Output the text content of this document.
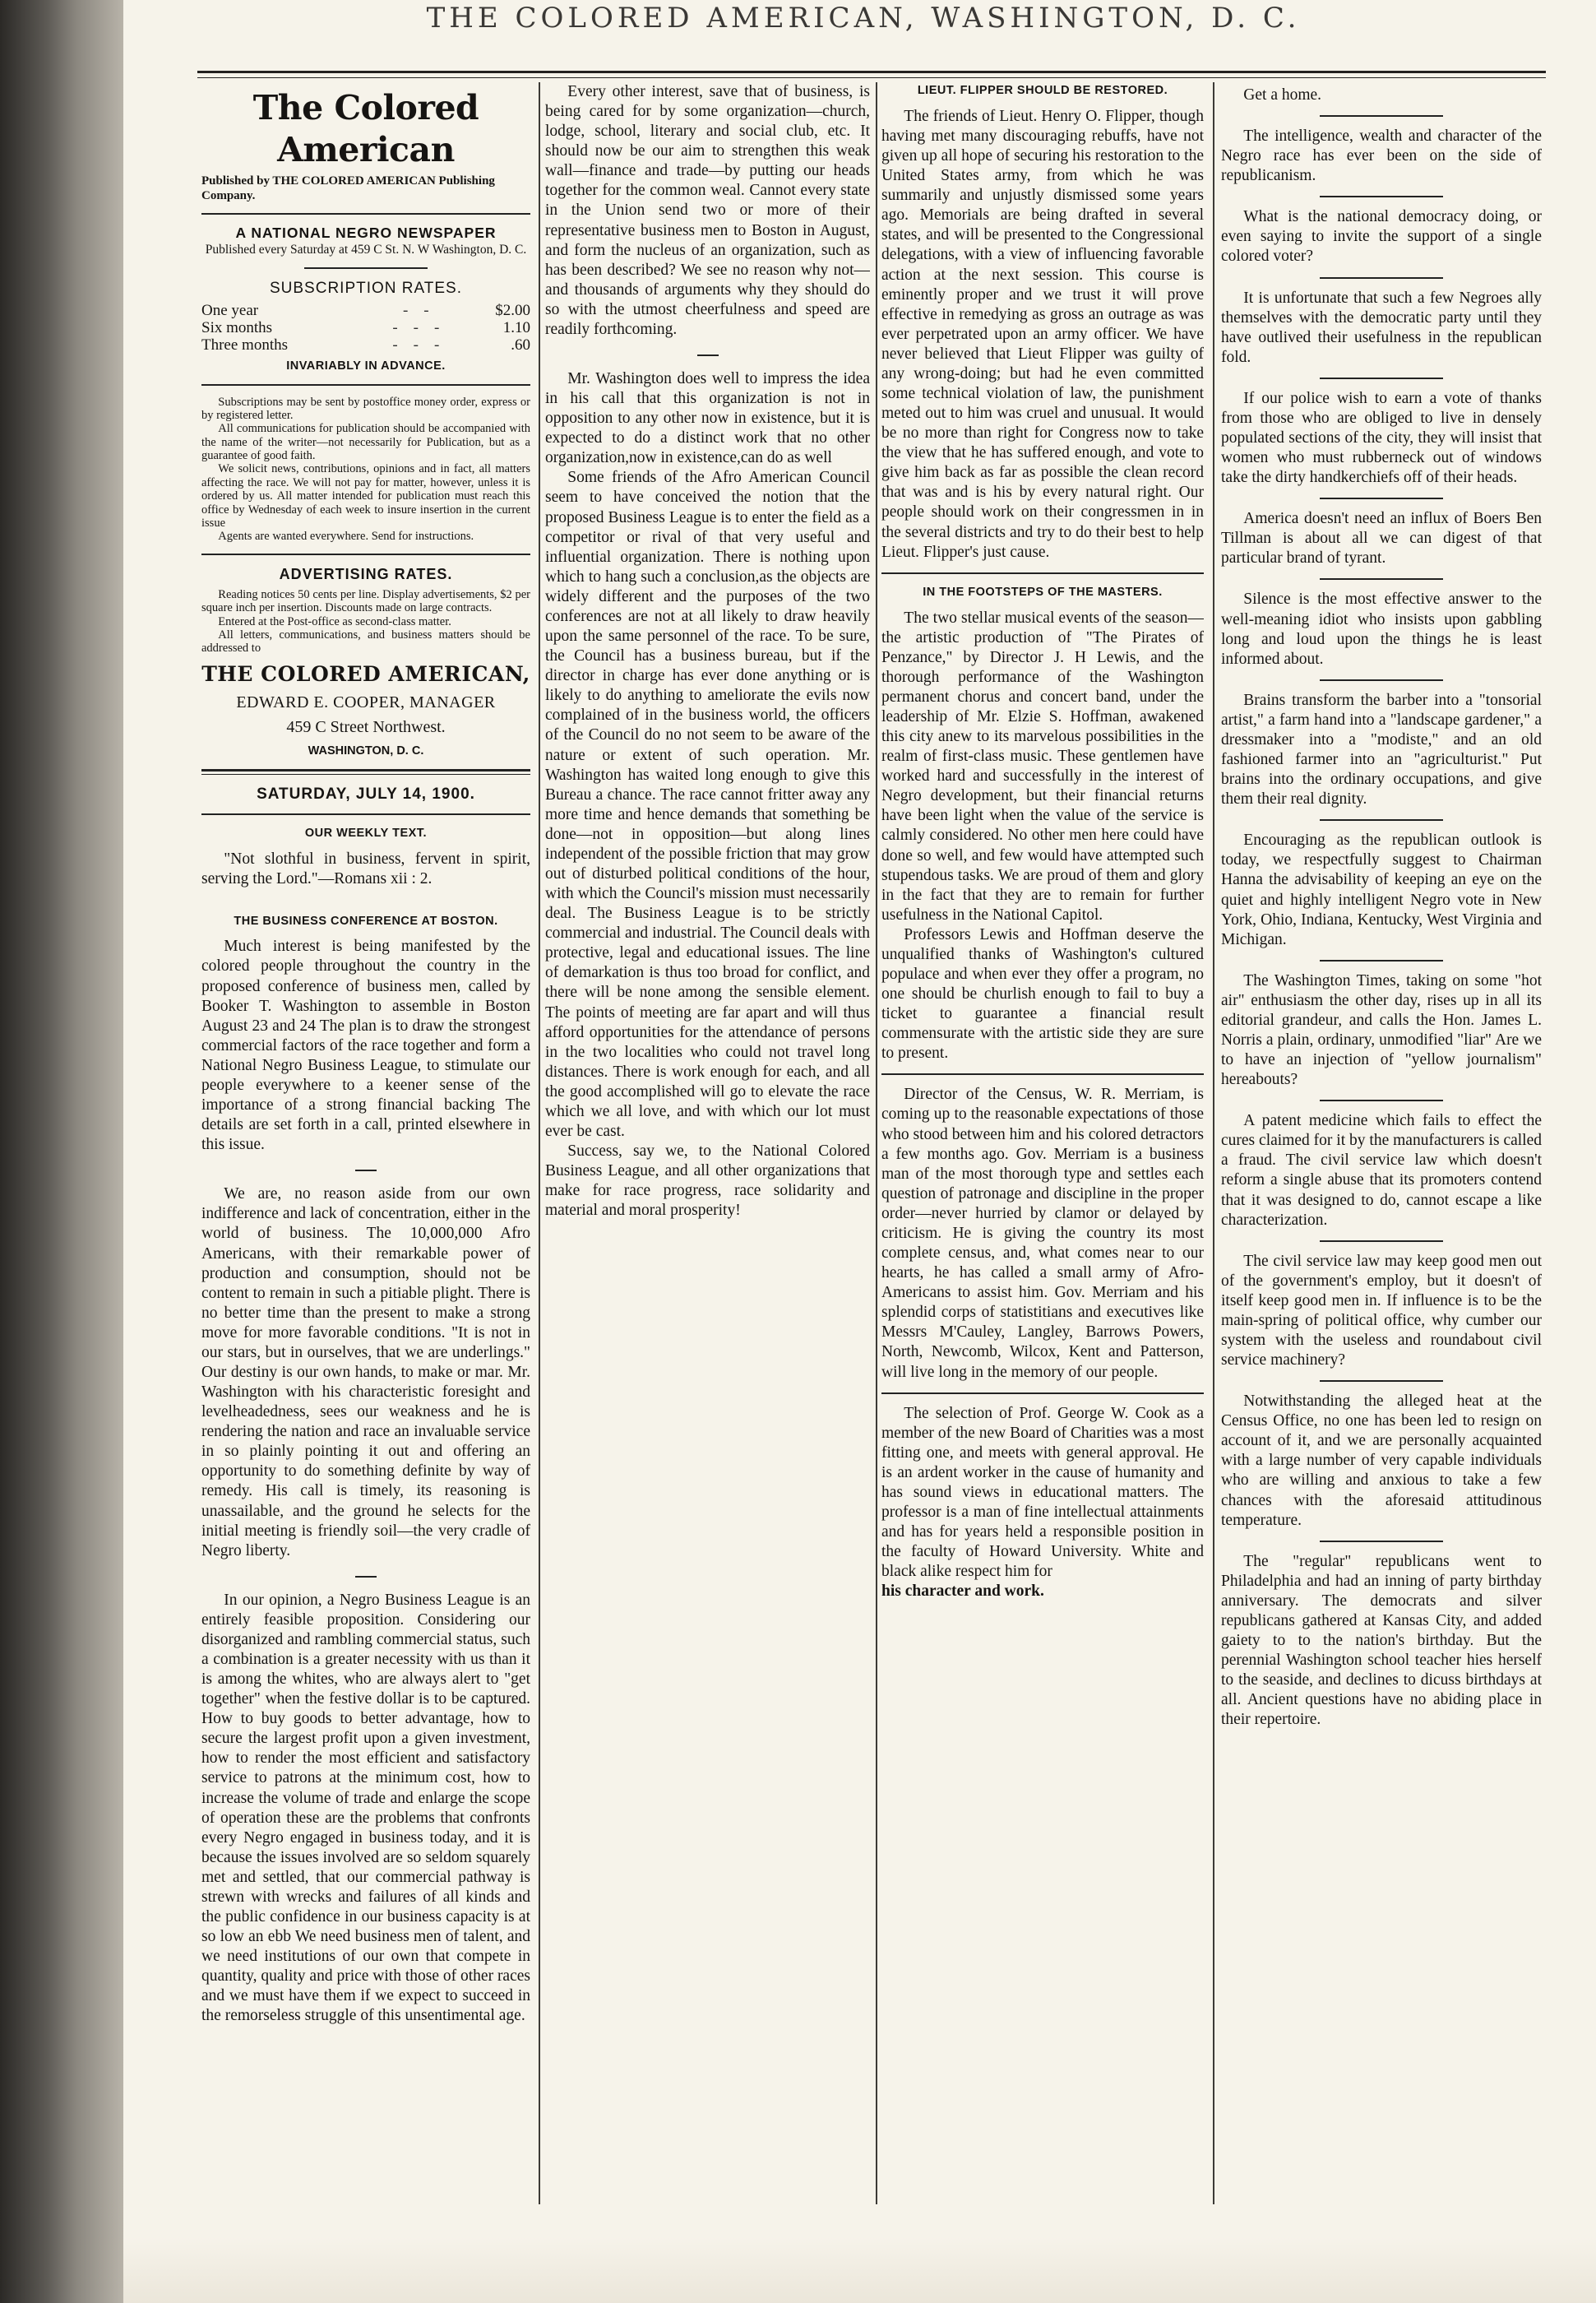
THE COLORED AMERICAN, WASHINGTON, D. C.
The Colored American
Published by THE COLORED AMERICAN Publishing Company.
A NATIONAL NEGRO NEWSPAPER
Published every Saturday at 459 C St. N. W Washington, D. C.
SUBSCRIPTION RATES.
One year	-    -	$2.00
Six months	-    -    -	1.10
Three months	-    -    -	.60
INVARIABLY IN ADVANCE.

Subscriptions may be sent by postoffice money order, express or by registered letter.

All communications for publication should be accompanied with the name of the writer—not necessarily for Publication, but as a guarantee of good faith.

We solicit news, contributions, opinions and in fact, all matters affecting the race. We will not pay for matter, however, unless it is ordered by us. All matter intended for publication must reach this office by Wednesday of each week to insure insertion in the current issue

Agents are wanted everywhere. Send for instructions.

ADVERTISING RATES.

Reading notices 50 cents per line. Display advertisements, $2 per square inch per insertion. Discounts made on large contracts.

Entered at the Post-office as second-class matter.

All letters, communications, and business matters should be addressed to

THE COLORED AMERICAN,
EDWARD E. COOPER, MANAGER
459 C Street Northwest.
WASHINGTON, D. C.
SATURDAY, JULY 14, 1900.
OUR WEEKLY TEXT.

"Not slothful in business, fervent in spirit, serving the Lord."—Romans xii : 2.

THE BUSINESS CONFERENCE AT BOSTON.

Much interest is being manifested by the colored people throughout the country in the proposed conference of business men, called by Booker T. Washington to assemble in Boston August 23 and 24 The plan is to draw the strongest commercial factors of the race together and form a National Negro Business League, to stimulate our people everywhere to a keener sense of the importance of a strong financial backing The details are set forth in a call, printed elsewhere in this issue.

We are, no reason aside from our own indifference and lack of concentration, either in the world of business. The 10,000,000 Afro Americans, with their remarkable power of production and consumption, should not be content to remain in such a pitiable plight. There is no better time than the present to make a strong move for more favorable conditions. "It is not in our stars, but in ourselves, that we are underlings." Our destiny is our own hands, to make or mar. Mr. Washington with his characteristic foresight and levelheadedness, sees our weakness and he is rendering the nation and race an invaluable service in so plainly pointing it out and offering an opportunity to do something definite by way of remedy. His call is timely, its reasoning is unassailable, and the ground he selects for the initial meeting is friendly soil—the very cradle of Negro liberty.

In our opinion, a Negro Business League is an entirely feasible proposition. Considering our disorganized and rambling commercial status, such a combination is a greater necessity with us than it is among the whites, who are always alert to "get together" when the festive dollar is to be captured. How to buy goods to better advantage, how to secure the largest profit upon a given investment, how to render the most efficient and satisfactory service to patrons at the minimum cost, how to increase the volume of trade and enlarge the scope of operation these are the problems that confronts every Negro engaged in business today, and it is because the issues involved are so seldom squarely met and settled, that our commercial pathway is strewn with wrecks and failures of all kinds and the public confidence in our business capacity is at so low an ebb We need business men of talent, and we need institutions of our own that compete in quantity, quality and price with those of other races and we must have them if we expect to succeed in the remorseless struggle of this unsentimental age.

Every other interest, save that of business, is being cared for by some organization—church, lodge, school, literary and social club, etc. It should now be our aim to strengthen this weak wall—finance and trade—by putting our heads together for the common weal. Cannot every state in the Union send two or more of their representative business men to Boston in August, and form the nucleus of an organization, such as has been described? We see no reason why not—and thousands of arguments why they should do so with the utmost cheerfulness and speed are readily forthcoming.

Mr. Washington does well to impress the idea in his call that this organization is not in opposition to any other now in existence, but it is expected to do a distinct work that no other organization,now in existence,can do as well

Some friends of the Afro American Council seem to have conceived the notion that the proposed Business League is to enter the field as a competitor or rival of that very useful and influential organization. There is nothing upon which to hang such a conclusion,as the objects are widely different and the purposes of the two conferences are not at all likely to draw heavily upon the same personnel of the race. To be sure, the Council has a business bureau, but if the director in charge has ever done anything or is likely to do anything to ameliorate the evils now complained of in the business world, the officers of the Council do no not seem to be aware of the nature or extent of such operation. Mr. Washington has waited long enough to give this Bureau a chance. The race cannot fritter away any more time and hence demands that something be done—not in opposition—but along lines independent of the possible friction that may grow out of disturbed political conditions of the hour, with which the Council's mission must necessarily deal. The Business League is to be strictly commercial and industrial. The Council deals with protective, legal and educational issues. The line of demarkation is thus too broad for conflict, and there will be none among the sensible element. The points of meeting are far apart and will thus afford opportunities for the attendance of persons in the two localities who could not travel long distances. There is work enough for each, and all the good accomplished will go to elevate the race which we all love, and with which our lot must ever be cast.

Success, say we, to the National Colored Business League, and all other organizations that make for race progress, race solidarity and material and moral prosperity!

LIEUT. FLIPPER SHOULD BE RESTORED.

The friends of Lieut. Henry O. Flipper, though having met many discouraging rebuffs, have not given up all hope of securing his restoration to the United States army, from which he was summarily and unjustly dismissed some years ago. Memorials are being drafted in several states, and will be presented to the Congressional delegations, with a view of influencing favorable action at the next session. This course is eminently proper and we trust it will prove effective in remedying as gross an outrage as was ever perpetrated upon an army officer. We have never believed that Lieut Flipper was guilty of any wrong-doing; but had he even committed some technical violation of law, the punishment meted out to him was cruel and unusual. It would be no more than right for Congress now to take the view that he has suffered enough, and vote to give him back as far as possible the clean record that was and is his by every natural right. Our people should work on their congressmen in in the several districts and try to do their best to help Lieut. Flipper's just cause.

IN THE FOOTSTEPS OF THE MASTERS.

The two stellar musical events of the season—the artistic production of "The Pirates of Penzance," by Director J. H Lewis, and the thorough performance of the Washington permanent chorus and concert band, under the leadership of Mr. Elzie S. Hoffman, awakened this city anew to its marvelous possibilities in the realm of first-class music. These gentlemen have worked hard and successfully in the interest of Negro development, but their financial returns have been light when the value of the service is calmly considered. No other men here could have done so well, and few would have attempted such stupendous tasks. We are proud of them and glory in the fact that they are to remain for further usefulness in the National Capitol.

Professors Lewis and Hoffman deserve the unqualified thanks of Washington's cultured populace and when ever they offer a program, no one should be churlish enough to fail to buy a ticket to guarantee a financial result commensurate with the artistic side they are sure to present.

Director of the Census, W. R. Merriam, is coming up to the reasonable expectations of those who stood between him and his colored detractors a few months ago. Gov. Merriam is a business man of the most thorough type and settles each question of patronage and discipline in the proper order—never hurried by clamor or delayed by criticism. He is giving the country its most complete census, and, what comes near to our hearts, he has called a small army of Afro-Americans to assist him. Gov. Merriam and his splendid corps of statistitians and executives like Messrs M'Cauley, Langley, Barrows Powers, North, Newcomb, Wilcox, Kent and Patterson, will live long in the memory of our people.

The selection of Prof. George W. Cook as a member of the new Board of Charities was a most fitting one, and meets with general approval. He is an ardent worker in the cause of humanity and has sound views in educational matters. The professor is a man of fine intellectual attainments and has for years held a responsible position in the faculty of Howard University. White and black alike respect him for

his character and work.

Get a home.

The intelligence, wealth and character of the Negro race has ever been on the side of republicanism.

What is the national democracy doing, or even saying to invite the support of a single colored voter?

It is unfortunate that such a few Negroes ally themselves with the democratic party until they have outlived their usefulness in the republican fold.

If our police wish to earn a vote of thanks from those who are obliged to live in densely populated sections of the city, they will insist that women who must rubberneck out of windows take the dirty handkerchiefs off of their heads.

America doesn't need an influx of Boers Ben Tillman is about all we can digest of that particular brand of tyrant.

Silence is the most effective answer to the well-meaning idiot who insists upon gabbling long and loud upon the things he is least informed about.

Brains transform the barber into a "tonsorial artist," a farm hand into a "landscape gardener," a dressmaker into a "modiste," and an old fashioned farmer into an "agriculturist." Put brains into the ordinary occupations, and give them their real dignity.

Encouraging as the republican outlook is today, we respectfully suggest to Chairman Hanna the advisability of keeping an eye on the quiet and highly intelligent Negro vote in New York, Ohio, Indiana, Kentucky, West Virginia and Michigan.

The Washington Times, taking on some "hot air" enthusiasm the other day, rises up in all its editorial grandeur, and calls the Hon. James L. Norris a plain, ordinary, unmodified "liar" Are we to have an injection of "yellow journalism" hereabouts?

A patent medicine which fails to effect the cures claimed for it by the manufacturers is called a fraud. The civil service law which doesn't reform a single abuse that its promoters contend that it was designed to do, cannot escape a like characterization.

The civil service law may keep good men out of the government's employ, but it doesn't of itself keep good men in. If influence is to be the main-spring of political office, why cumber our system with the useless and roundabout civil service machinery?

Notwithstanding the alleged heat at the Census Office, no one has been led to resign on account of it, and we are personally acquainted with a large number of very capable individuals who are willing and anxious to take a few chances with the aforesaid attitudinous temperature.

The "regular" republicans went to Philadelphia and had an inning of party birthday anniversary. The democrats and silver republicans gathered at Kansas City, and added gaiety to to the nation's birthday. But the perennial Washington school teacher hies herself to the seaside, and declines to dicuss birthdays at all. Ancient questions have no abiding place in their repertoire.
